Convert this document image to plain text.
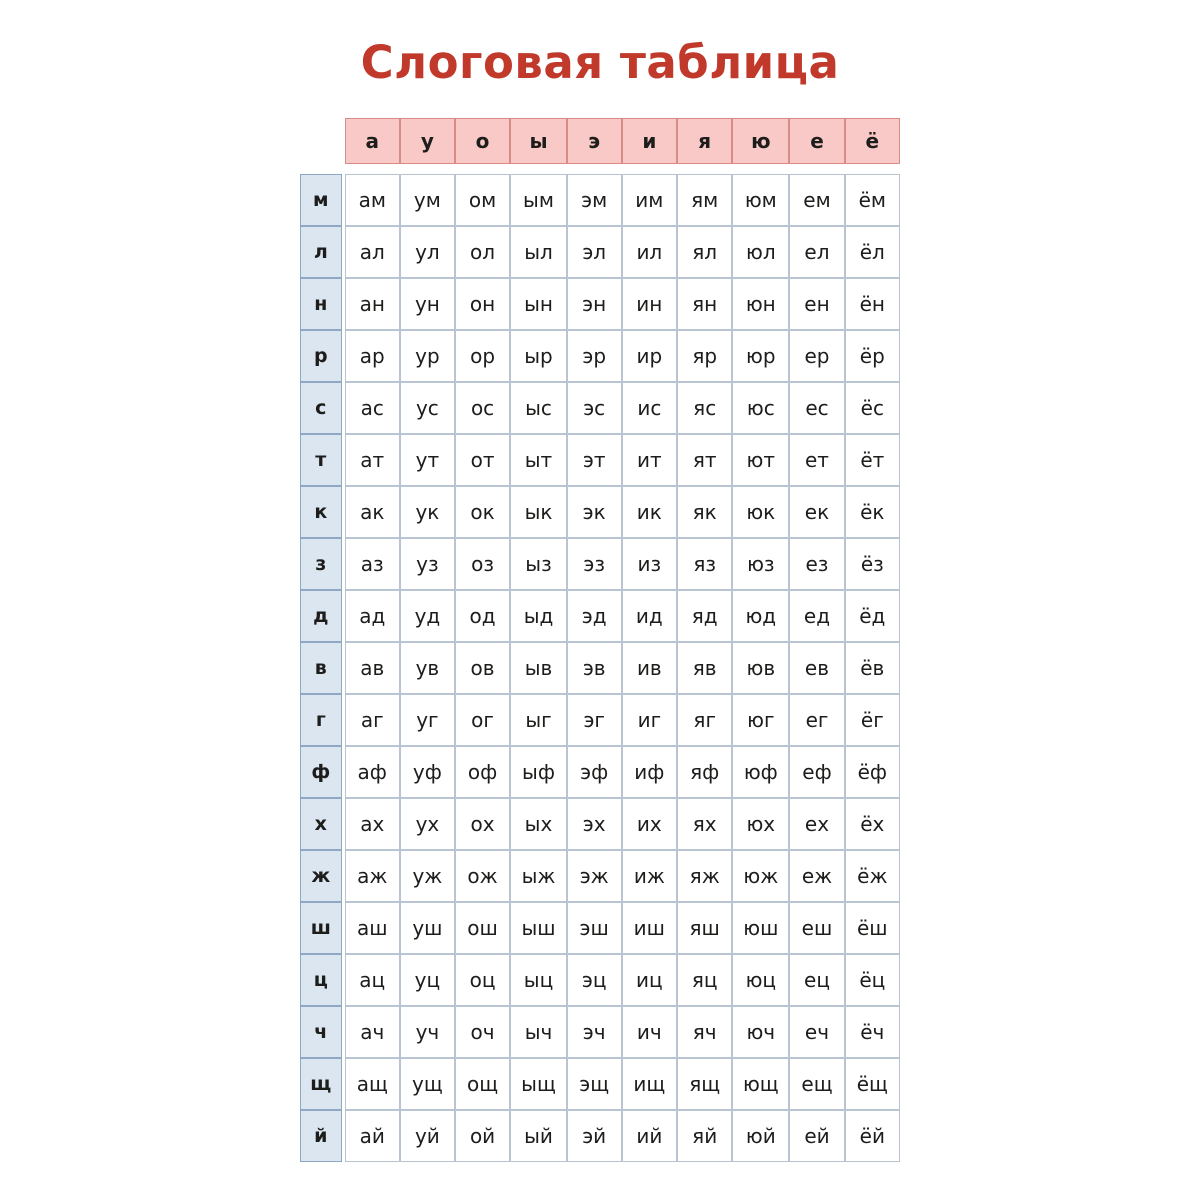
Слоговая таблица
		а	у	о	ы	э	и	я	ю	е	ё

м		ам	ум	ом	ым	эм	им	ям	юм	ем	ём
л		ал	ул	ол	ыл	эл	ил	ял	юл	ел	ёл
н		ан	ун	он	ын	эн	ин	ян	юн	ен	ён
р		ар	ур	ор	ыр	эр	ир	яр	юр	ер	ёр
с		ас	ус	ос	ыс	эс	ис	яс	юс	ес	ёс
т		ат	ут	от	ыт	эт	ит	ят	ют	ет	ёт
к		ак	ук	ок	ык	эк	ик	як	юк	ек	ёк
з		аз	уз	оз	ыз	эз	из	яз	юз	ез	ёз
д		ад	уд	од	ыд	эд	ид	яд	юд	ед	ёд
в		ав	ув	ов	ыв	эв	ив	яв	юв	ев	ёв
г		аг	уг	ог	ыг	эг	иг	яг	юг	ег	ёг
ф		аф	уф	оф	ыф	эф	иф	яф	юф	еф	ёф
х		ах	ух	ох	ых	эх	их	ях	юх	ех	ёх
ж		аж	уж	ож	ыж	эж	иж	яж	юж	еж	ёж
ш		аш	уш	ош	ыш	эш	иш	яш	юш	еш	ёш
ц		ац	уц	оц	ыц	эц	иц	яц	юц	ец	ёц
ч		ач	уч	оч	ыч	эч	ич	яч	юч	еч	ёч
щ		ащ	ущ	ощ	ыщ	эщ	ищ	ящ	ющ	ещ	ёщ
й		ай	уй	ой	ый	эй	ий	яй	юй	ей	ёй
